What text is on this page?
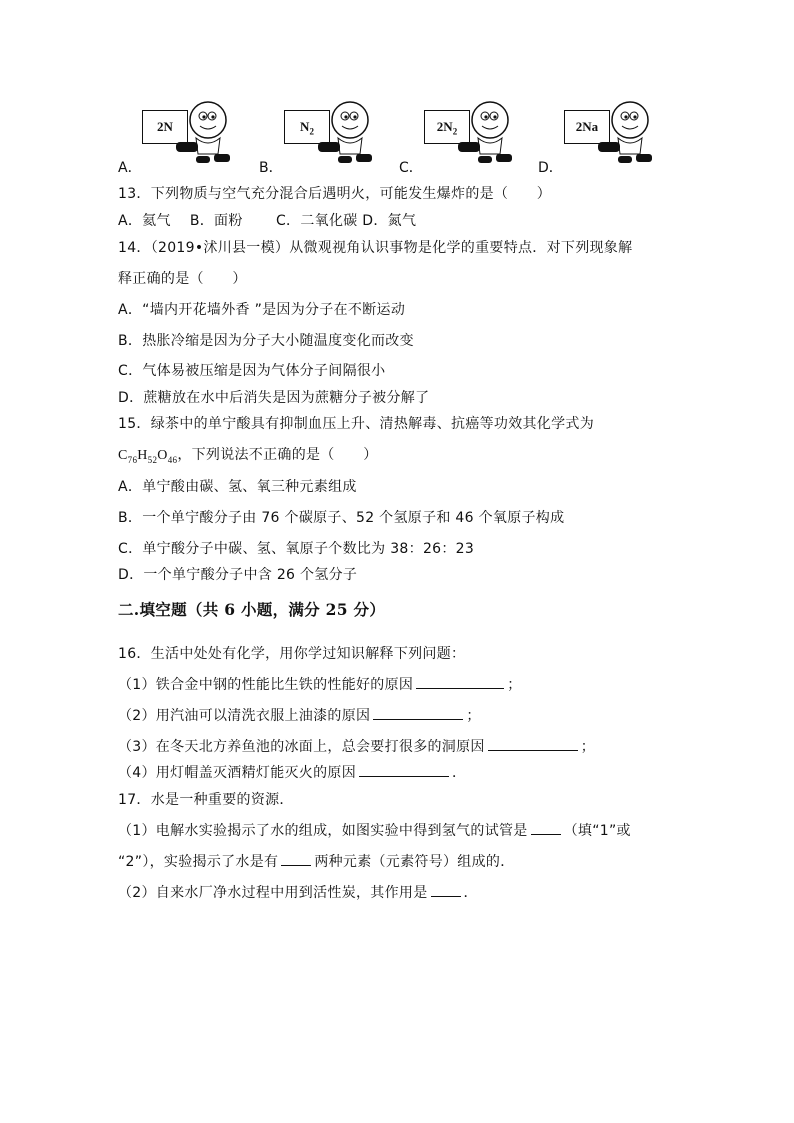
2N
A．
$N_2$
B．
$2N_2$
C．
2Na
D．
13．下列物质与空气充分混合后遇明火，可能发生爆炸的是（　　）
A．氦气　 B．面粉　　 C．二氧化碳 D．氮气
14．（2019•沭川县一模）从微观视角认识事物是化学的重要特点．对下列现象解
释正确的是（　　）
A．“墙内开花墙外香 ”是因为分子在不断运动
B．热胀冷缩是因为分子大小随温度变化而改变
C．气体易被压缩是因为气体分子间隔很小
D．蔗糖放在水中后消失是因为蔗糖分子被分解了
15．绿茶中的单宁酸具有抑制血压上升、清热解毒、抗癌等功效其化学式为
$C_{76}H_{52}O_{46}$，下列说法不正确的是（　　）
A．单宁酸由碳、氢、氧三种元素组成
B．一个单宁酸分子由 76 个碳原子、52 个氢原子和 46 个氧原子构成
C．单宁酸分子中碳、氢、氧原子个数比为 38：26：23
D．一个单宁酸分子中含 26 个氢分子
二.填空题（共 6 小题，满分 25 分）
16．生活中处处有化学，用你学过知识解释下列问题：
（1）铁合金中钢的性能比生铁的性能好的原因	；
（2）用汽油可以清洗衣服上油漆的原因	；
（3）在冬天北方养鱼池的冰面上，总会要打很多的洞原因	；
（4）用灯帽盖灭酒精灯能灭火的原因	．
17．水是一种重要的资源．
（1）电解水实验揭示了水的组成，如图实验中得到氢气的试管是	（填“1”或
“2”），实验揭示了水是有	两种元素（元素符号）组成的．
（2）自来水厂净水过程中用到活性炭，其作用是	．
